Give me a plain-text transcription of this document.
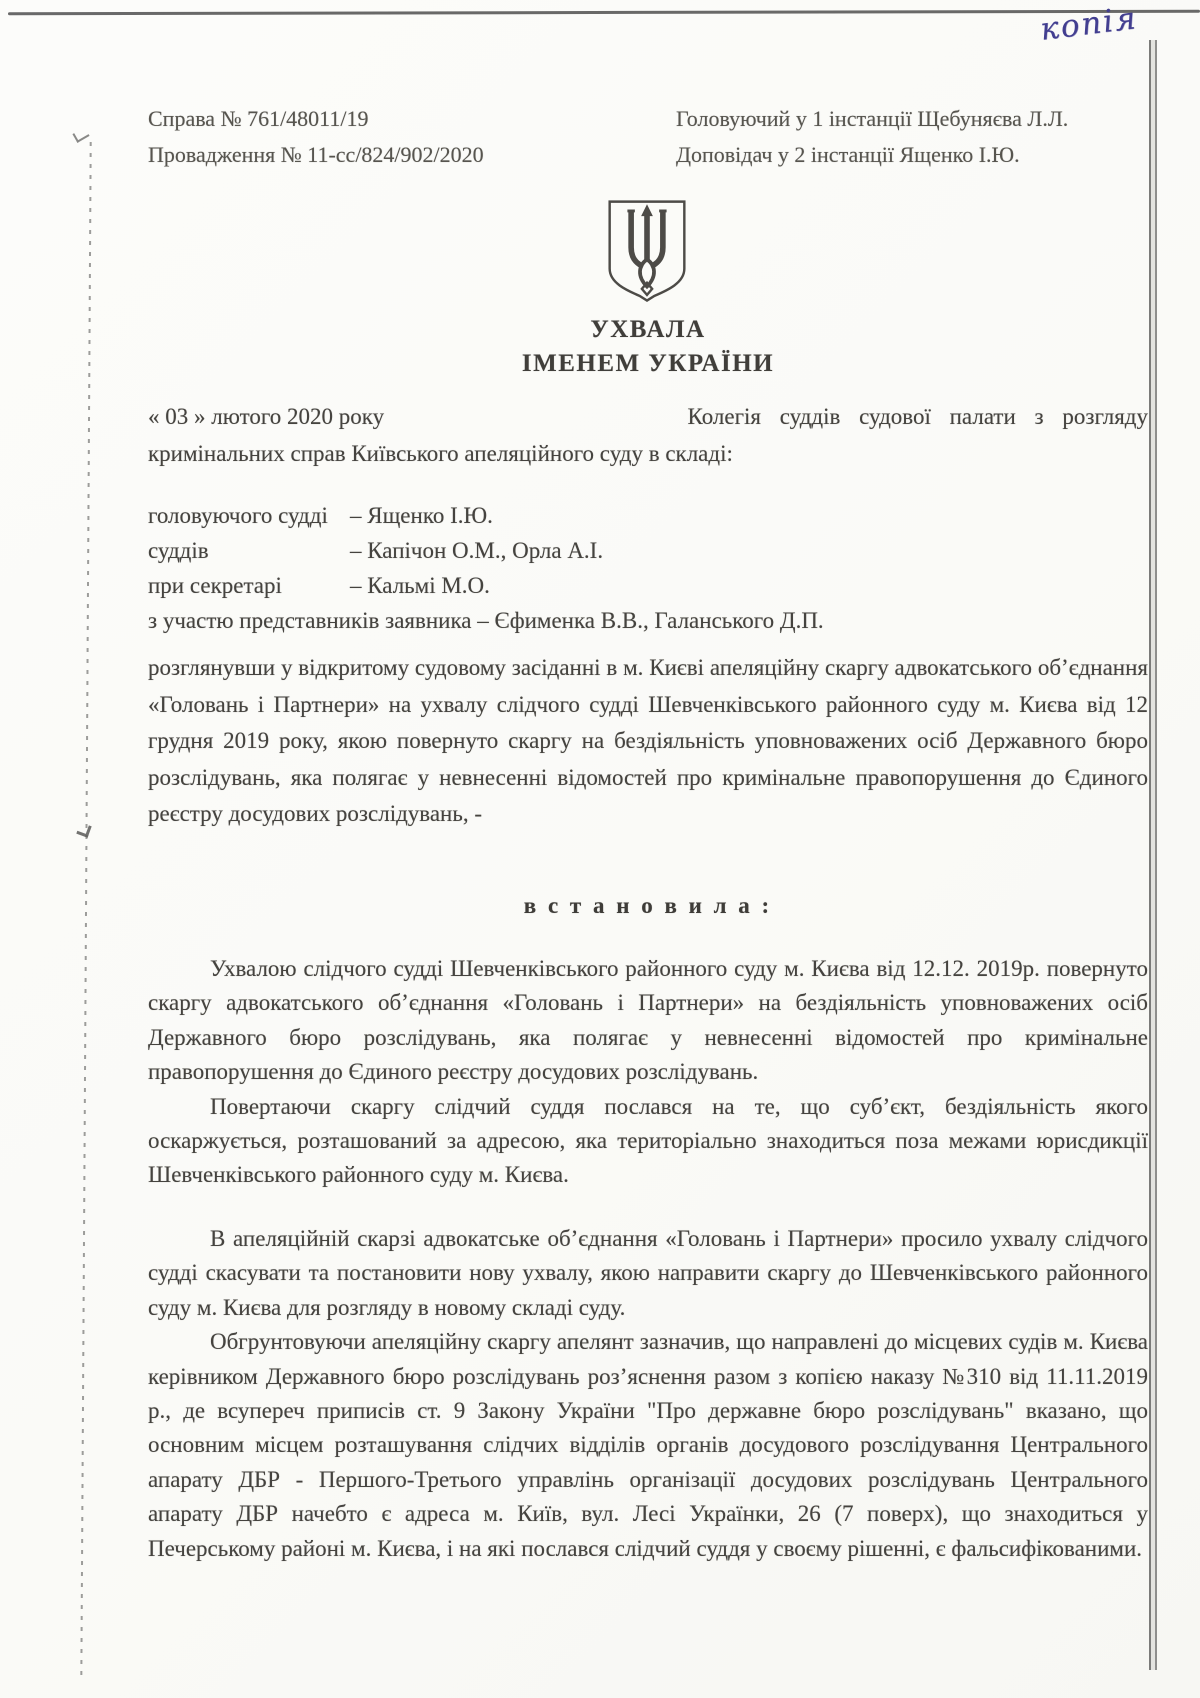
копія
Справа № 761/48011/19
Провадження № 11-сс/824/902/2020
Головуючий у 1 інстанції Щебуняєва Л.Л.
Доповідач у 2 інстанції Ященко І.Ю.
УХВАЛА
ІМЕНЕМ УКРАЇНИ
« 03 » лютого 2020 року	Колегія суддів судової палати з розгляду
кримінальних справ Київського апеляційного суду в складі:
головуючого судді – Ященко І.Ю.
суддів	– Капічон О.М., Орла А.І.
при секретарі	– Кальмі М.О.
з участю представників заявника – Єфименка В.В., Галанського Д.П.
розглянувши у відкритому судовому засіданні в м. Києві апеляційну скаргу адвокатського об’єднання «Головань і Партнери» на ухвалу слідчого судді Шевченківського районного суду м. Києва від 12 грудня 2019 року, якою повернуто скаргу на бездіяльність уповноважених осіб Державного бюро розслідувань, яка полягає у невнесенні відомостей про кримінальне правопорушення до Єдиного реєстру досудових розслідувань, -
в с т а н о в и л а :
Ухвалою слідчого судді Шевченківського районного суду м. Києва від 12.12. 2019р. повернуто скаргу адвокатського об’єднання «Головань і Партнери» на бездіяльність уповноважених осіб Державного бюро розслідувань, яка полягає у невнесенні відомостей про кримінальне правопорушення до Єдиного реєстру досудових розслідувань.
Повертаючи скаргу слідчий суддя послався на те, що суб’єкт, бездіяльність якого оскаржується, розташований за адресою, яка територіально знаходиться поза межами юрисдикції Шевченківського районного суду м. Києва.
В апеляційній скарзі адвокатське об’єднання «Головань і Партнери» просило ухвалу слідчого судді скасувати та постановити нову ухвалу, якою направити скаргу до Шевченківського районного суду м. Києва для розгляду в новому складі суду.
Обгрунтовуючи апеляційну скаргу апелянт зазначив, що направлені до місцевих судів м. Києва керівником Державного бюро розслідувань роз’яснення разом з копією наказу №310 від 11.11.2019 р., де всупереч приписів ст. 9 Закону України "Про державне бюро розслідувань" вказано, що основним місцем розташування слідчих відділів органів досудового розслідування Центрального апарату ДБР - Першого-Третього управлінь організації досудових розслідувань Центрального апарату ДБР начебто є адреса м. Київ, вул. Лесі Українки, 26 (7 поверх), що знаходиться у Печерському районі м. Києва, і на які послався слідчий суддя у своєму рішенні, є фальсифікованими.
